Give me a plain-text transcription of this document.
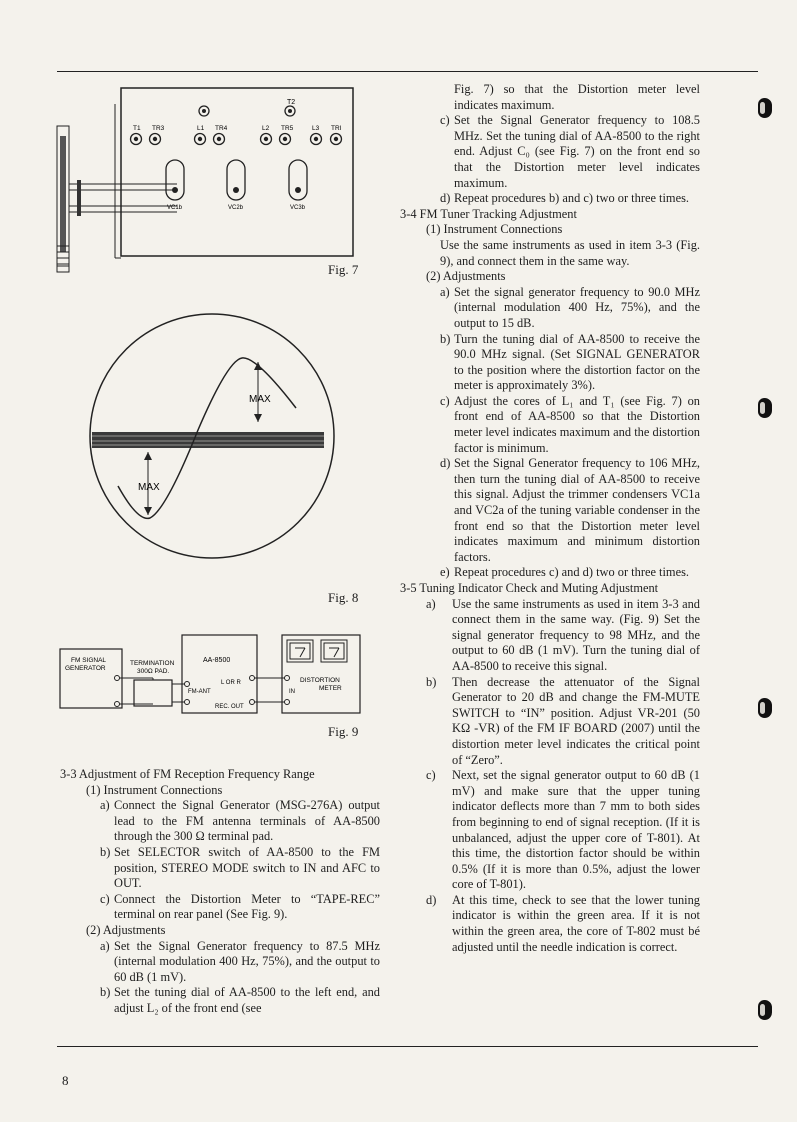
T2
T1 TR3	L1 TR4	L2 TR5	L3 TRI
VC1b	VC2b	VC3b
Fig. 7
MAX
MAX
Fig. 8
FM SIGNAL
GENERATOR
TERMINATION
300Ω PAD.
AA-8500
L OR R
FM-ANT
REC. OUT
DISTORTION
METER
IN
Fig. 9

3-3 Adjustment of FM Reception Frequency Range

(1) Instrument Connections

a) Connect the Signal Generator (MSG-276A) output lead to the FM antenna terminals of AA-8500 through the 300 Ω terminal pad.
b) Set SELECTOR switch of AA-8500 to the FM position, STEREO MODE switch to IN and AFC to OUT.
c) Connect the Distortion Meter to “TAPE-REC” terminal on rear panel (See Fig. 9).

(2) Adjustments

a) Set the Signal Generator frequency to 87.5 MHz (internal modulation 400 Hz, 75%), and the output to 60 dB (1 mV).
b) Set the tuning dial of AA-8500 to the left end, and adjust L₂ of the front end (see
Fig. 7) so that the Distortion meter level indicates maximum.
c) Set the Signal Generator frequency to 108.5 MHz. Set the tuning dial of AA-8500 to the right end. Adjust C₀ (see Fig. 7) on the front end so that the Distortion meter level indicates maximum.
d) Repeat procedures b) and c) two or three times.

3-4 FM Tuner Tracking Adjustment

(1) Instrument Connections

Use the same instruments as used in item 3-3 (Fig. 9), and connect them in the same way.

(2) Adjustments

a) Set the signal generator frequency to 90.0 MHz (internal modulation 400 Hz, 75%), and the output to 15 dB.
b) Turn the tuning dial of AA-8500 to receive the 90.0 MHz signal. (Set SIGNAL GENERATOR to the position where the distortion factor on the meter is approximately 3%).
c) Adjust the cores of L₁ and T₁ (see Fig. 7) on front end of AA-8500 so that the Distortion meter level indicates maximum and the distortion factor is minimum.
d) Set the Signal Generator frequency to 106 MHz, then turn the tuning dial of AA-8500 to receive this signal. Adjust the trimmer condensers VC1a and VC2a of the tuning variable condenser in the front end so that the Distortion meter level indicates maximum and minimum distortion factors.
e) Repeat procedures c) and d) two or three times.

3-5 Tuning Indicator Check and Muting Adjustment

a)	Use the same instruments as used in item 3-3 and connect them in the same way. (Fig. 9) Set the signal generator frequency to 98 MHz, and the output to 60 dB (1 mV). Turn the tuning dial of AA-8500 to receive this signal.
b)	Then decrease the attenuator of the Signal Generator to 20 dB and change the FM-MUTE SWITCH to “IN” position. Adjust VR-201 (50 KΩ -VR) of the FM IF BOARD (2007) until the distortion meter level indicates the critical point of “Zero”.
c)	Next, set the signal generator output to 60 dB (1 mV) and make sure that the upper tuning indicator deflects more than 7 mm to both sides from beginning to end of signal reception. (If it is unbalanced, adjust the upper core of T-801). At this time, the distortion factor should be within 0.5% (If it is more than 0.5%, adjust the lower core of T-801).
d)	At this time, check to see that the lower tuning indicator is within the green area. If it is not within the green area, the core of T-802 must bé adjusted until the needle indication is correct.
8
